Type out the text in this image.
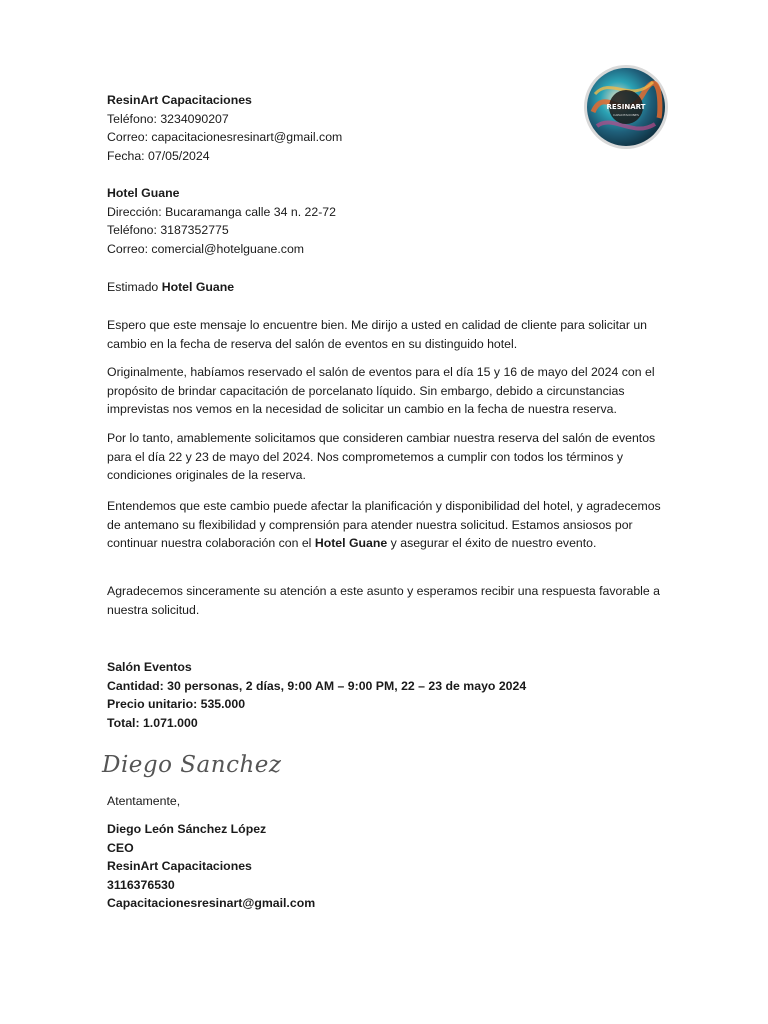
RESINART
CAPACITACIONES
ResinArt Capacitaciones
Teléfono: 3234090207
Correo: capacitacionesresinart@gmail.com
Fecha: 07/05/2024
Hotel Guane
Dirección: Bucaramanga calle 34 n. 22-72
Teléfono: 3187352775
Correo: comercial@hotelguane.com
Estimado Hotel Guane
Espero que este mensaje lo encuentre bien. Me dirijo a usted en calidad de cliente para solicitar un cambio en la fecha de reserva del salón de eventos en su distinguido hotel.
Originalmente, habíamos reservado el salón de eventos para el día 15 y 16 de mayo del 2024 con el propósito de brindar capacitación de porcelanato líquido. Sin embargo, debido a circunstancias imprevistas nos vemos en la necesidad de solicitar un cambio en la fecha de nuestra reserva.
Por lo tanto, amablemente solicitamos que consideren cambiar nuestra reserva del salón de eventos para el día 22 y 23 de mayo del 2024. Nos comprometemos a cumplir con todos los términos y condiciones originales de la reserva.
Entendemos que este cambio puede afectar la planificación y disponibilidad del hotel, y agradecemos de antemano su flexibilidad y comprensión para atender nuestra solicitud. Estamos ansiosos por continuar nuestra colaboración con el Hotel Guane y asegurar el éxito de nuestro evento.
Agradecemos sinceramente su atención a este asunto y esperamos recibir una respuesta favorable a nuestra solicitud.
Salón Eventos
Cantidad: 30 personas, 2 días, 9:00 AM – 9:00 PM, 22 – 23 de mayo 2024
Precio unitario: 535.000
Total: 1.071.000
Diego Sanchez
Atentamente,
Diego León Sánchez López
CEO
ResinArt Capacitaciones
3116376530
Capacitacionesresinart@gmail.com
